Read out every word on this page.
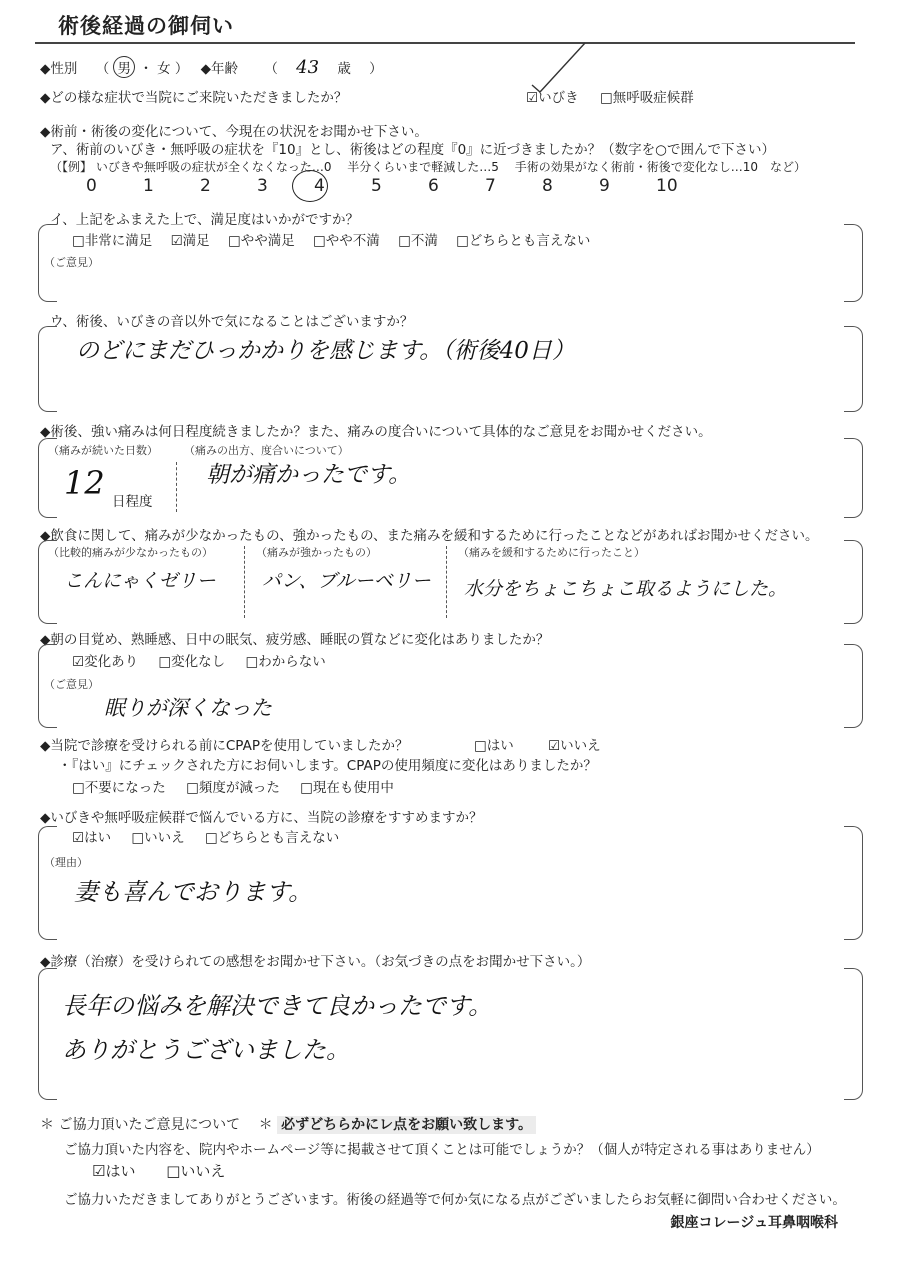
術後経過の御伺い
◆性別 （ 男 ・ 女 ） ◆年齢 （ 43 歳 ）
◆どの様な症状で当院にご来院いただきましたか？	☑いびき □無呼吸症候群
◆術前・術後の変化について、今現在の状況をお聞かせ下さい。
ア、術前のいびき・無呼吸の症状を『10』とし、術後はどの程度『0』に近づきましたか？（数字を○で囲んで下さい）
（【例】 いびきや無呼吸の症状が全くなくなった…0　 半分くらいまで軽減した…5　 手術の効果がなく術前・術後で変化なし…10　など）
0	1	2	3	4	5	6	7	8	9	10
イ、上記をふまえた上で、満足度はいかがですか？
□非常に満足 ☑満足 □やや満足 □やや不満 □不満 □どちらとも言えない
（ご意見）
ウ、術後、いびきの音以外で気になることはございますか？
のどにまだひっかかりを感じます。（術後40日）
◆術後、強い痛みは何日程度続きましたか？また、痛みの度合いについて具体的なご意見をお聞かせください。
（痛みが続いた日数）
12 日程度
（痛みの出方、度合いについて）
朝が痛かったです。
◆飲食に関して、痛みが少なかったもの、強かったもの、また痛みを緩和するために行ったことなどがあればお聞かせください。
（比較的痛みが少なかったもの）
こんにゃくゼリー
（痛みが強かったもの）
パン、ブルーベリー
（痛みを緩和するために行ったこと）
水分をちょこちょこ取るようにした。
◆朝の目覚め、熟睡感、日中の眠気、疲労感、睡眠の質などに変化はありましたか？
☑変化あり □変化なし □わからない
（ご意見）
眠りが深くなった
◆当院で診療を受けられる前にCPAPを使用していましたか？	□はい	☑いいえ
・『はい』にチェックされた方にお伺いします。CPAPの使用頻度に変化はありましたか？
□不要になった □頻度が減った □現在も使用中
◆いびきや無呼吸症候群で悩んでいる方に、当院の診療をすすめますか？
☑はい □いいえ □どちらとも言えない
（理由）
妻も喜んでおります。
◆診療（治療）を受けられての感想をお聞かせ下さい。（お気づきの点をお聞かせ下さい。）
長年の悩みを解決できて良かったです。
ありがとうございました。
＊ ご協力頂いたご意見について ＊ 必ずどちらかにレ点をお願い致します。
ご協力頂いた内容を、院内やホームページ等に掲載させて頂くことは可能でしょうか？（個人が特定される事はありません）
☑はい □いいえ
ご協力いただきましてありがとうございます。術後の経過等で何か気になる点がございましたらお気軽に御問い合わせください。
銀座コレージュ耳鼻咽喉科
